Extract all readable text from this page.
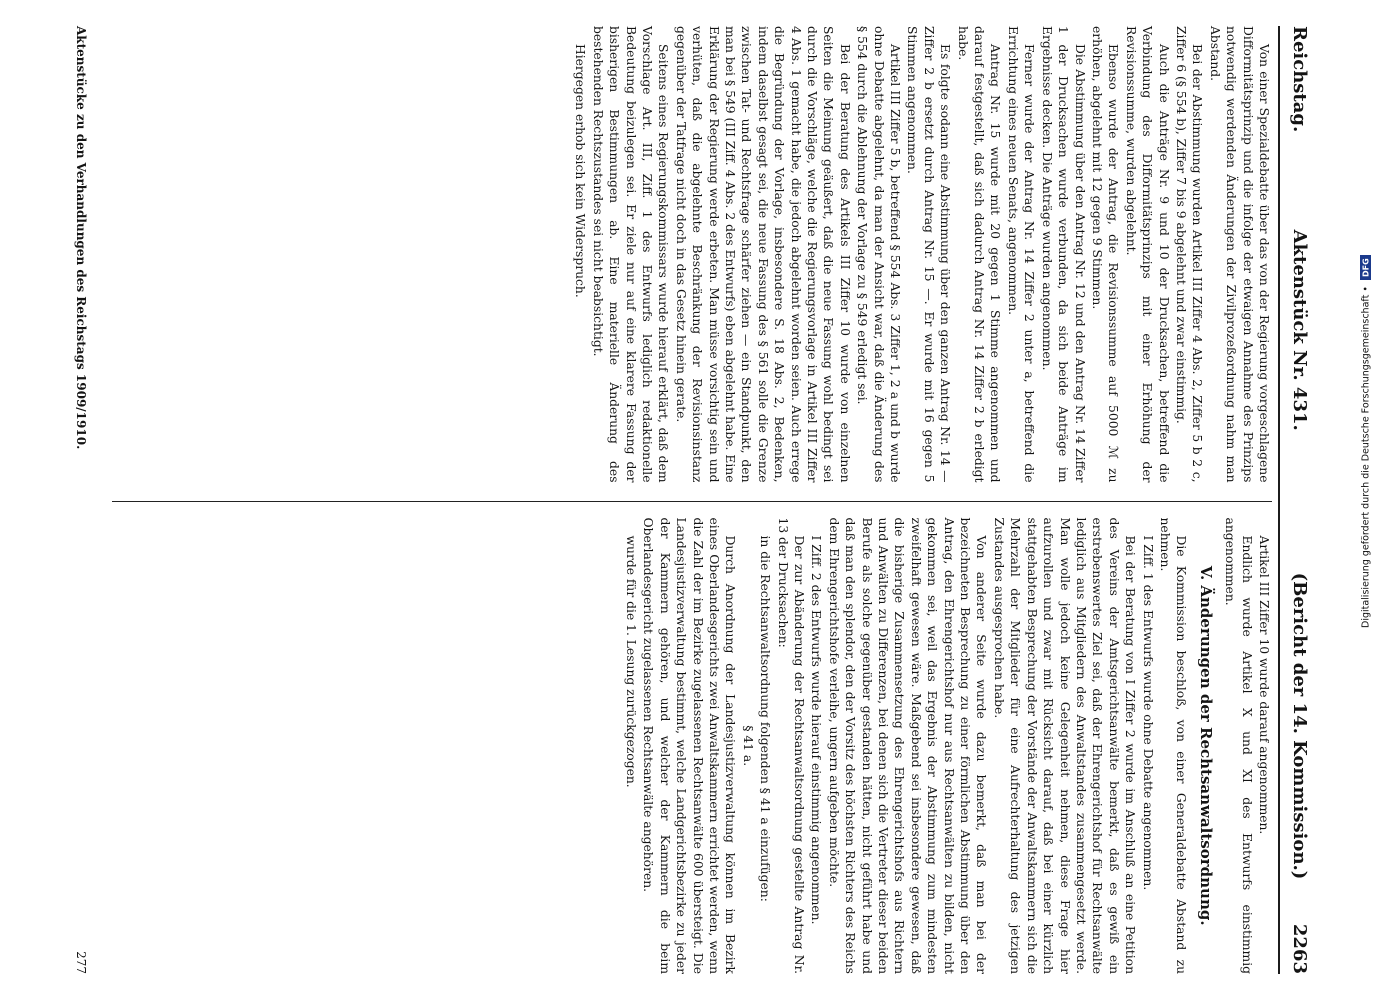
Reichstag.
Aktenstück Nr. 431.
(Bericht der 14. Kommission.)
2263

Von einer Spezialdebatte über das von der Regierung vorgeschlagene Difformitätsprinzip und die infolge der etwaigen Annahme des Prinzips notwendig werdenden Änderungen der Zivilprozeßordnung nahm man Abstand.

Bei der Abstimmung wurden Artikel III Ziffer 4 Abs. 2, Ziffer 5 b 2 c, Ziffer 6 (§ 554 b), Ziffer 7 bis 9 abgelehnt und zwar einstimmig.

Auch die Anträge Nr. 9 und 10 der Drucksachen, betreffend die Verbindung des Difformitätsprinzips mit einer Erhöhung der Revisionssumme, wurden abgelehnt.

Ebenso wurde der Antrag, die Revisionssumme auf 5000 ℳ zu erhöhen, abgelehnt mit 12 gegen 9 Stimmen.

Die Abstimmung über den Antrag Nr. 12 und den Antrag Nr. 14 Ziffer 1 der Drucksachen wurde verbunden, da sich beide Anträge im Ergebnisse decken. Die Anträge wurden angenommen.

Ferner wurde der Antrag Nr. 14 Ziffer 2 unter a, betreffend die Errichtung eines neuen Senats, angenommen.

Antrag Nr. 15 wurde mit 20 gegen 1 Stimme angenommen und darauf festgestellt, daß sich dadurch Antrag Nr. 14 Ziffer 2 b erledigt habe.

Es folgte sodann eine Abstimmung über den ganzen Antrag Nr. 14 — Ziffer 2 b ersetzt durch Antrag Nr. 15 —. Er wurde mit 16 gegen 5 Stimmen angenommen.

Artikel III Ziffer 5 b, betreffend § 554 Abs. 3 Ziffer 1, 2 a und b wurde ohne Debatte abgelehnt, da man der Ansicht war, daß die Änderung des § 554 durch die Ablehnung der Vorlage zu § 549 erledigt sei.

Bei der Beratung des Artikels III Ziffer 10 wurde von einzelnen Seiten die Meinung geäußert, daß die neue Fassung wohl bedingt sei durch die Vorschläge, welche die Regierungsvorlage in Artikel III Ziffer 4 Abs. 1 gemacht habe, die jedoch abgelehnt worden seien. Auch errege die Begründung der Vorlage, insbesondere S. 18 Abs. 2, Bedenken, indem daselbst gesagt sei, die neue Fassung des § 561 solle die Grenze zwischen Tat- und Rechtsfrage schärfer ziehen — ein Standpunkt, den man bei § 549 (III Ziff. 4 Abs. 2 des Entwurfs) eben abgelehnt habe. Eine Erklärung der Regierung werde erbeten. Man müsse vorsichtig sein und verhüten, daß die abgelehnte Beschränkung der Revisionsinstanz gegenüber der Tatfrage nicht doch in das Gesetz hinein gerate.

Seitens eines Regierungskommissars wurde hierauf erklärt, daß dem Vorschlage Art. III, Ziff. 1 des Entwurfs lediglich redaktionelle Bedeutung beizulegen sei. Er ziele nur auf eine klarere Fassung der bisherigen Bestimmungen ab. Eine materielle Änderung des bestehenden Rechtszustandes sei nicht beabsichtigt.

Hiergegen erhob sich kein Widerspruch.

Artikel III Ziffer 10 wurde darauf angenommen.

Endlich wurde Artikel X und XI des Entwurfs einstimmig angenommen.

V. Änderungen der Rechtsanwaltsordnung.

Die Kommission beschloß, von einer Generaldebatte Abstand zu nehmen.

I Ziff. 1 des Entwurfs wurde ohne Debatte angenommen.

Bei der Beratung von I Ziffer 2 wurde im Anschluß an eine Petition des Vereins der Amtsgerichtsanwälte bemerkt, daß es gewiß ein erstrebenswertes Ziel sei, daß der Ehrengerichtshof für Rechtsanwälte lediglich aus Mitgliedern des Anwaltstandes zusammengesetzt werde. Man wolle jedoch keine Gelegenheit nehmen, diese Frage hier aufzurollen und zwar mit Rücksicht darauf, daß bei einer kürzlich stattgehabten Besprechung der Vorstände der Anwaltskammern sich die Mehrzahl der Mitglieder für eine Aufrechterhaltung des jetzigen Zustandes ausgesprochen habe.

Von anderer Seite wurde dazu bemerkt, daß man bei der bezeichneten Besprechung zu einer förmlichen Abstimmung über den Antrag, den Ehrengerichtshof nur aus Rechtsanwälten zu bilden, nicht gekommen sei, weil das Ergebnis der Abstimmung zum mindesten zweifelhaft gewesen wäre. Maßgebend sei insbesondere gewesen, daß die bisherige Zusammensetzung des Ehrengerichtshofs aus Richtern und Anwälten zu Differenzen, bei denen sich die Vertreter dieser beiden Berufe als solche gegenüber gestanden hätten, nicht geführt habe und daß man den splendor, den der Vorsitz des höchsten Richters des Reichs dem Ehrengerichtshofe verleihe, ungern aufgeben möchte.

I Ziff. 2 des Entwurfs wurde hierauf einstimmig angenommen.

Der zur Abänderung der Rechtsanwaltsordnung gestellte Antrag Nr. 13 der Drucksachen:

in die Rechtsanwaltsordnung folgenden § 41 a einzufügen:

§ 41 a.

Durch Anordnung der Landesjustizverwaltung können im Bezirk eines Oberlandesgerichts zwei Anwaltskammern errichtet werden, wenn die Zahl der im Bezirke zugelassenen Rechtsanwälte 600 übersteigt. Die Landesjustizverwaltung bestimmt, welche Landgerichtsbezirke zu jeder der Kammern gehören, und welcher der Kammern die beim Oberlandesgericht zugelassenen Rechtsanwälte angehören.

wurde für die 1. Lesung zurückgezogen.

Aktenstücke zu den Verhandlungen des Reichstags 1909/1910.
277
Digitalisierung gefördert durch die Deutsche Forschungsgemeinschaft •
DFG
